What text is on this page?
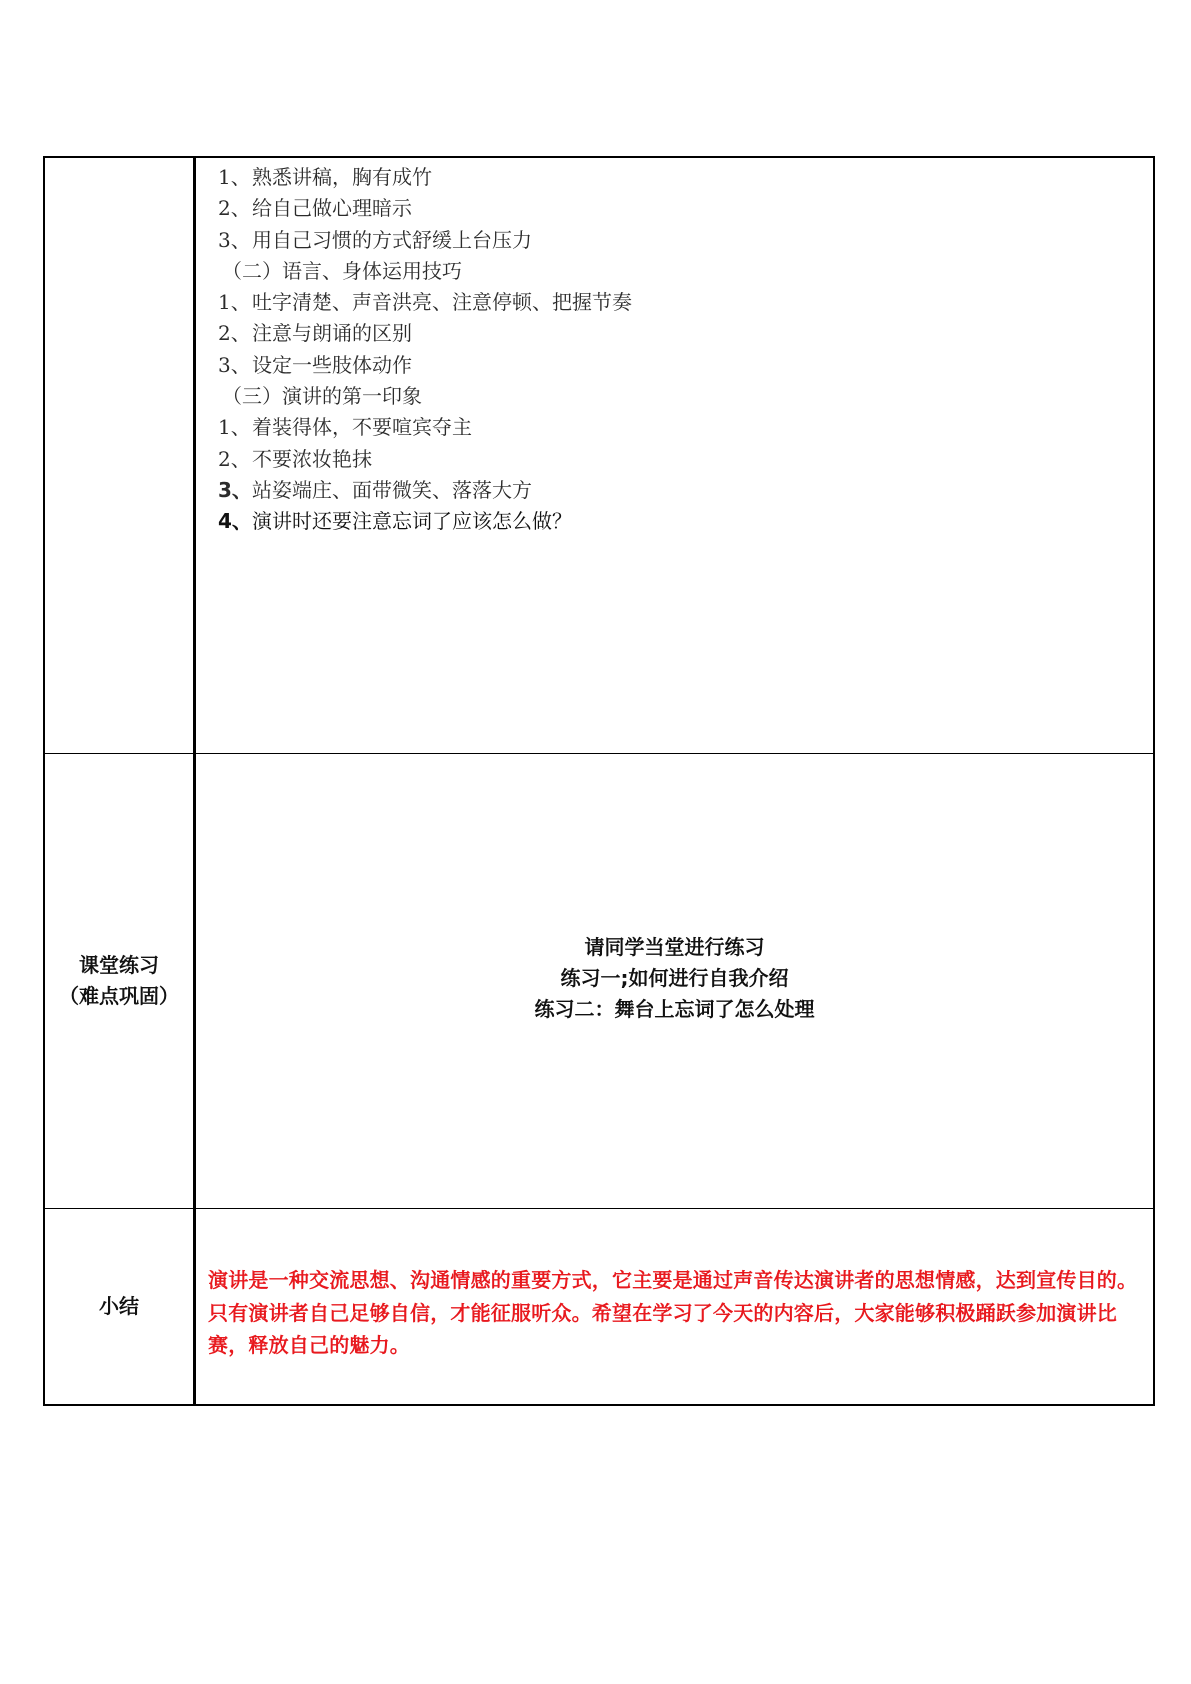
1、熟悉讲稿，胸有成竹
2、给自己做心理暗示
3、用自己习惯的方式舒缓上台压力
（二）语言、身体运用技巧
1、吐字清楚、声音洪亮、注意停顿、把握节奏
2、注意与朗诵的区别
3、设定一些肢体动作
（三）演讲的第一印象
1、着装得体，不要喧宾夺主
2、不要浓妆艳抹
3、站姿端庄、面带微笑、落落大方
4、演讲时还要注意忘词了应该怎么做？
课堂练习
（难点巩固）
请同学当堂进行练习
练习一;如何进行自我介绍
练习二：舞台上忘词了怎么处理
小结
演讲是一种交流思想、沟通情感的重要方式，它主要是通过声音传达演讲者的思想情感，达到宣传目的。只有演讲者自己足够自信，才能征服听众。希望在学习了今天的内容后，大家能够积极踊跃参加演讲比赛，释放自己的魅力。
